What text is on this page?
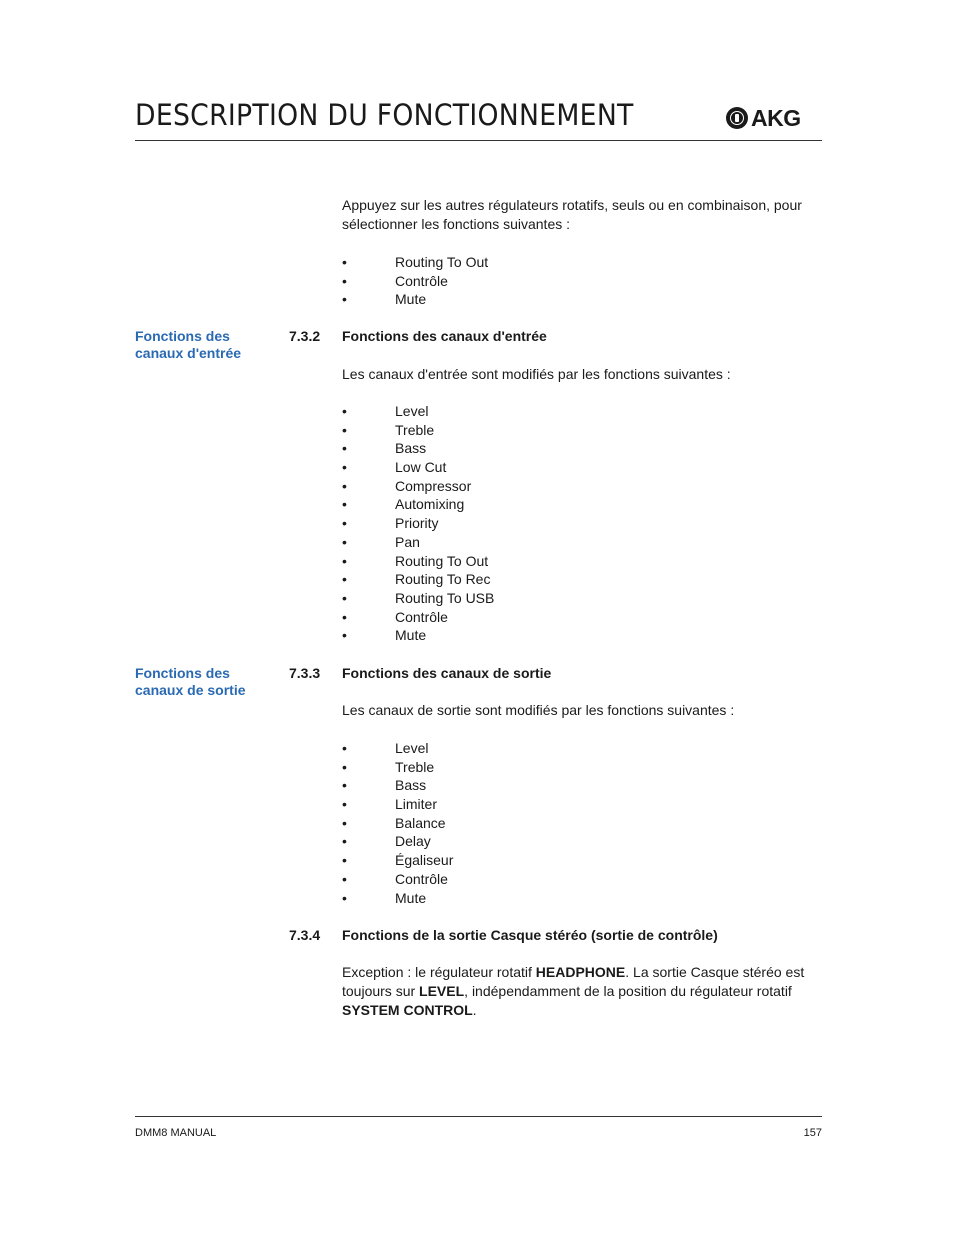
DESCRIPTION DU FONCTIONNEMENT	AKG
Appuyez sur les autres régulateurs rotatifs, seuls ou en combinaison, pour sélectionner les fonctions suivantes :
•	Routing To Out
•	Contrôle
•	Mute
Fonctions des canaux d'entrée
7.3.2 Fonctions des canaux d'entrée
Les canaux d'entrée sont modifiés par les fonctions suivantes :
•	Level
•	Treble
•	Bass
•	Low Cut
•	Compressor
•	Automixing
•	Priority
•	Pan
•	Routing To Out
•	Routing To Rec
•	Routing To USB
•	Contrôle
•	Mute
Fonctions des canaux de sortie
7.3.3 Fonctions des canaux de sortie
Les canaux de sortie sont modifiés par les fonctions suivantes :
•	Level
•	Treble
•	Bass
•	Limiter
•	Balance
•	Delay
•	Égaliseur
•	Contrôle
•	Mute
7.3.4 Fonctions de la sortie Casque stéréo (sortie de contrôle)
Exception : le régulateur rotatif HEADPHONE. La sortie Casque stéréo est toujours sur LEVEL, indépendamment de la position du régulateur rotatif SYSTEM CONTROL.
DMM8 MANUAL	157
